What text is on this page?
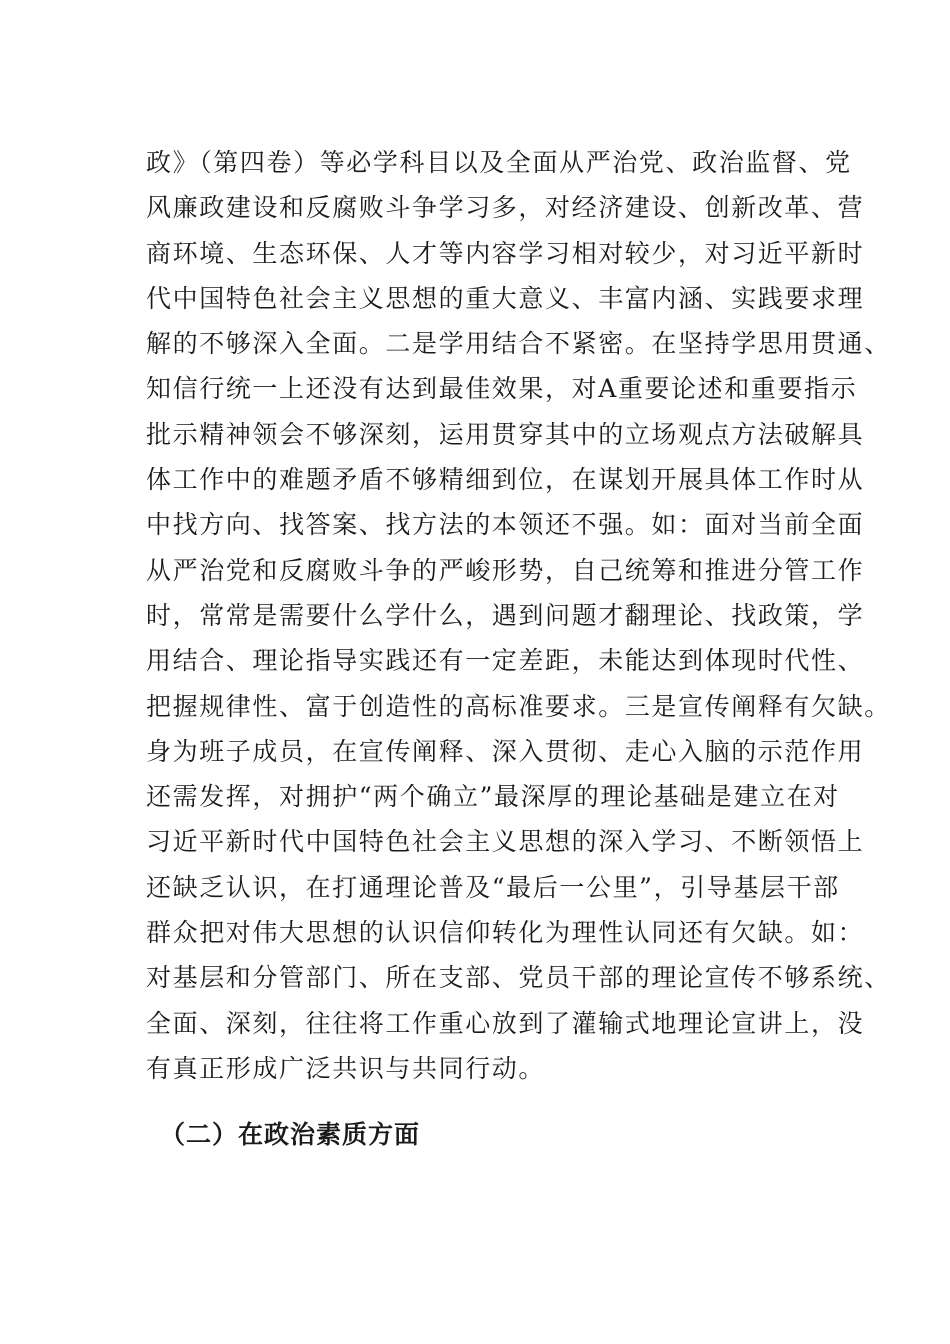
政》（第四卷）等必学科目以及全面从严治党、政治监督、党
风廉政建设和反腐败斗争学习多，对经济建设、创新改革、营
商环境、生态环保、人才等内容学习相对较少，对习近平新时
代中国特色社会主义思想的重大意义、丰富内涵、实践要求理
解的不够深入全面。二是学用结合不紧密。在坚持学思用贯通、
知信行统一上还没有达到最佳效果，对A重要论述和重要指示
批示精神领会不够深刻，运用贯穿其中的立场观点方法破解具
体工作中的难题矛盾不够精细到位，在谋划开展具体工作时从
中找方向、找答案、找方法的本领还不强。如：面对当前全面
从严治党和反腐败斗争的严峻形势，自己统筹和推进分管工作
时，常常是需要什么学什么，遇到问题才翻理论、找政策，学
用结合、理论指导实践还有一定差距，未能达到体现时代性、
把握规律性、富于创造性的高标准要求。三是宣传阐释有欠缺。
身为班子成员，在宣传阐释、深入贯彻、走心入脑的示范作用
还需发挥，对拥护“两个确立”最深厚的理论基础是建立在对
习近平新时代中国特色社会主义思想的深入学习、不断领悟上
还缺乏认识，在打通理论普及“最后一公里”，引导基层干部
群众把对伟大思想的认识信仰转化为理性认同还有欠缺。如：
对基层和分管部门、所在支部、党员干部的理论宣传不够系统、
全面、深刻，往往将工作重心放到了灌输式地理论宣讲上，没
有真正形成广泛共识与共同行动。
（二）在政治素质方面
